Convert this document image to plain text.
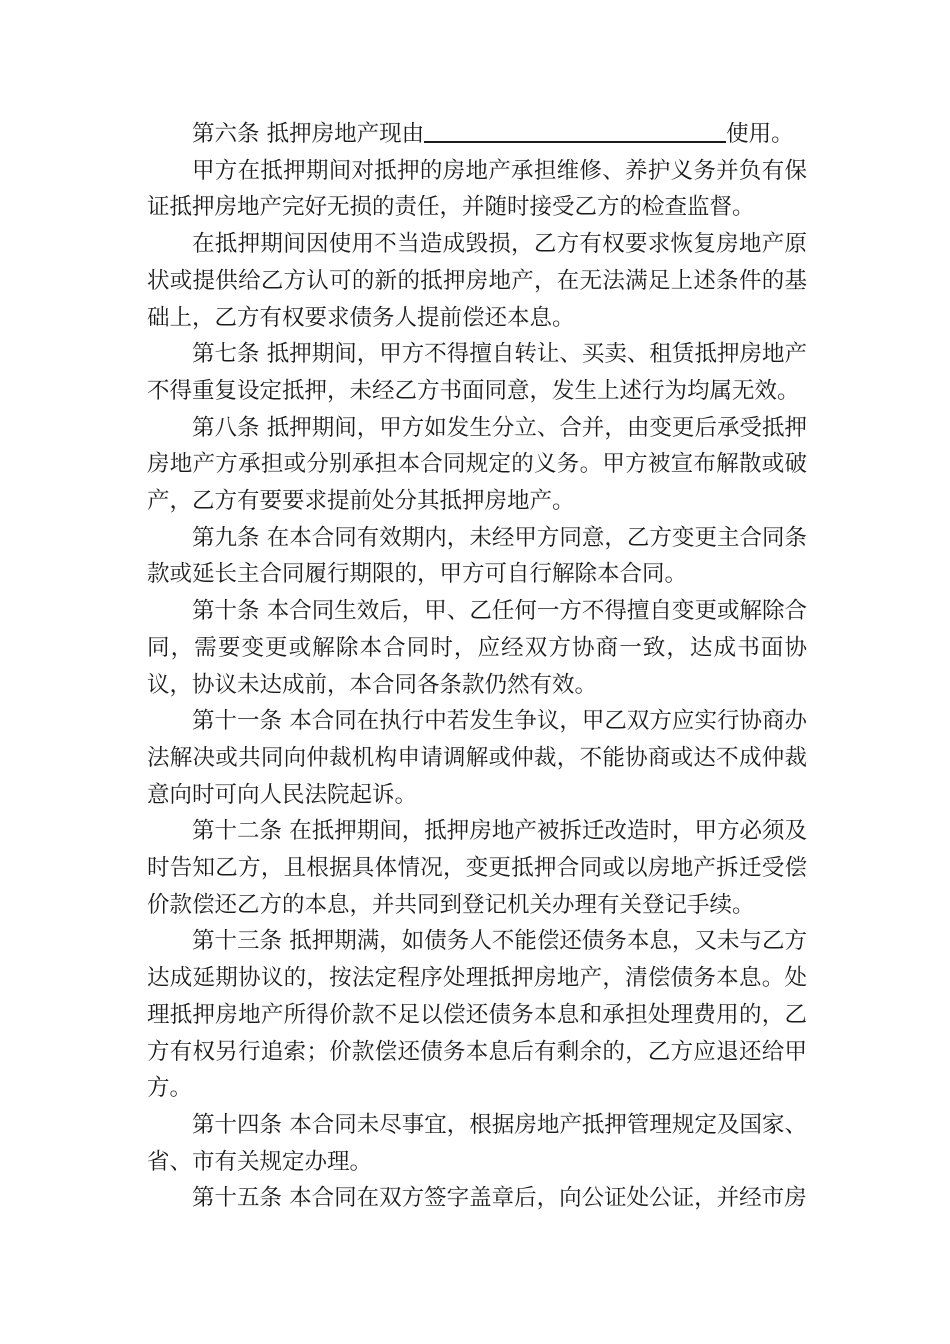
第六条 抵押房地产现由	使用。

甲方在抵押期间对抵押的房地产承担维修、养护义务并负有保证抵押房地产完好无损的责任，并随时接受乙方的检查监督。

在抵押期间因使用不当造成毁损，乙方有权要求恢复房地产原状或提供给乙方认可的新的抵押房地产，在无法满足上述条件的基础上，乙方有权要求债务人提前偿还本息。

第七条 抵押期间，甲方不得擅自转让、买卖、租赁抵押房地产不得重复设定抵押，未经乙方书面同意，发生上述行为均属无效。

第八条 抵押期间，甲方如发生分立、合并，由变更后承受抵押房地产方承担或分别承担本合同规定的义务。甲方被宣布解散或破产，乙方有要要求提前处分其抵押房地产。

第九条 在本合同有效期内，未经甲方同意，乙方变更主合同条款或延长主合同履行期限的，甲方可自行解除本合同。

第十条 本合同生效后，甲、乙任何一方不得擅自变更或解除合同，需要变更或解除本合同时，应经双方协商一致，达成书面协议，协议未达成前，本合同各条款仍然有效。

第十一条 本合同在执行中若发生争议，甲乙双方应实行协商办法解决或共同向仲裁机构申请调解或仲裁，不能协商或达不成仲裁意向时可向人民法院起诉。

第十二条 在抵押期间，抵押房地产被拆迁改造时，甲方必须及时告知乙方，且根据具体情况，变更抵押合同或以房地产拆迁受偿价款偿还乙方的本息，并共同到登记机关办理有关登记手续。

第十三条 抵押期满，如债务人不能偿还债务本息，又未与乙方达成延期协议的，按法定程序处理抵押房地产，清偿债务本息。处理抵押房地产所得价款不足以偿还债务本息和承担处理费用的，乙方有权另行追索；价款偿还债务本息后有剩余的，乙方应退还给甲方。

第十四条 本合同未尽事宜，根据房地产抵押管理规定及国家、省、市有关规定办理。

第十五条 本合同在双方签字盖章后，向公证处公证，并经市房
